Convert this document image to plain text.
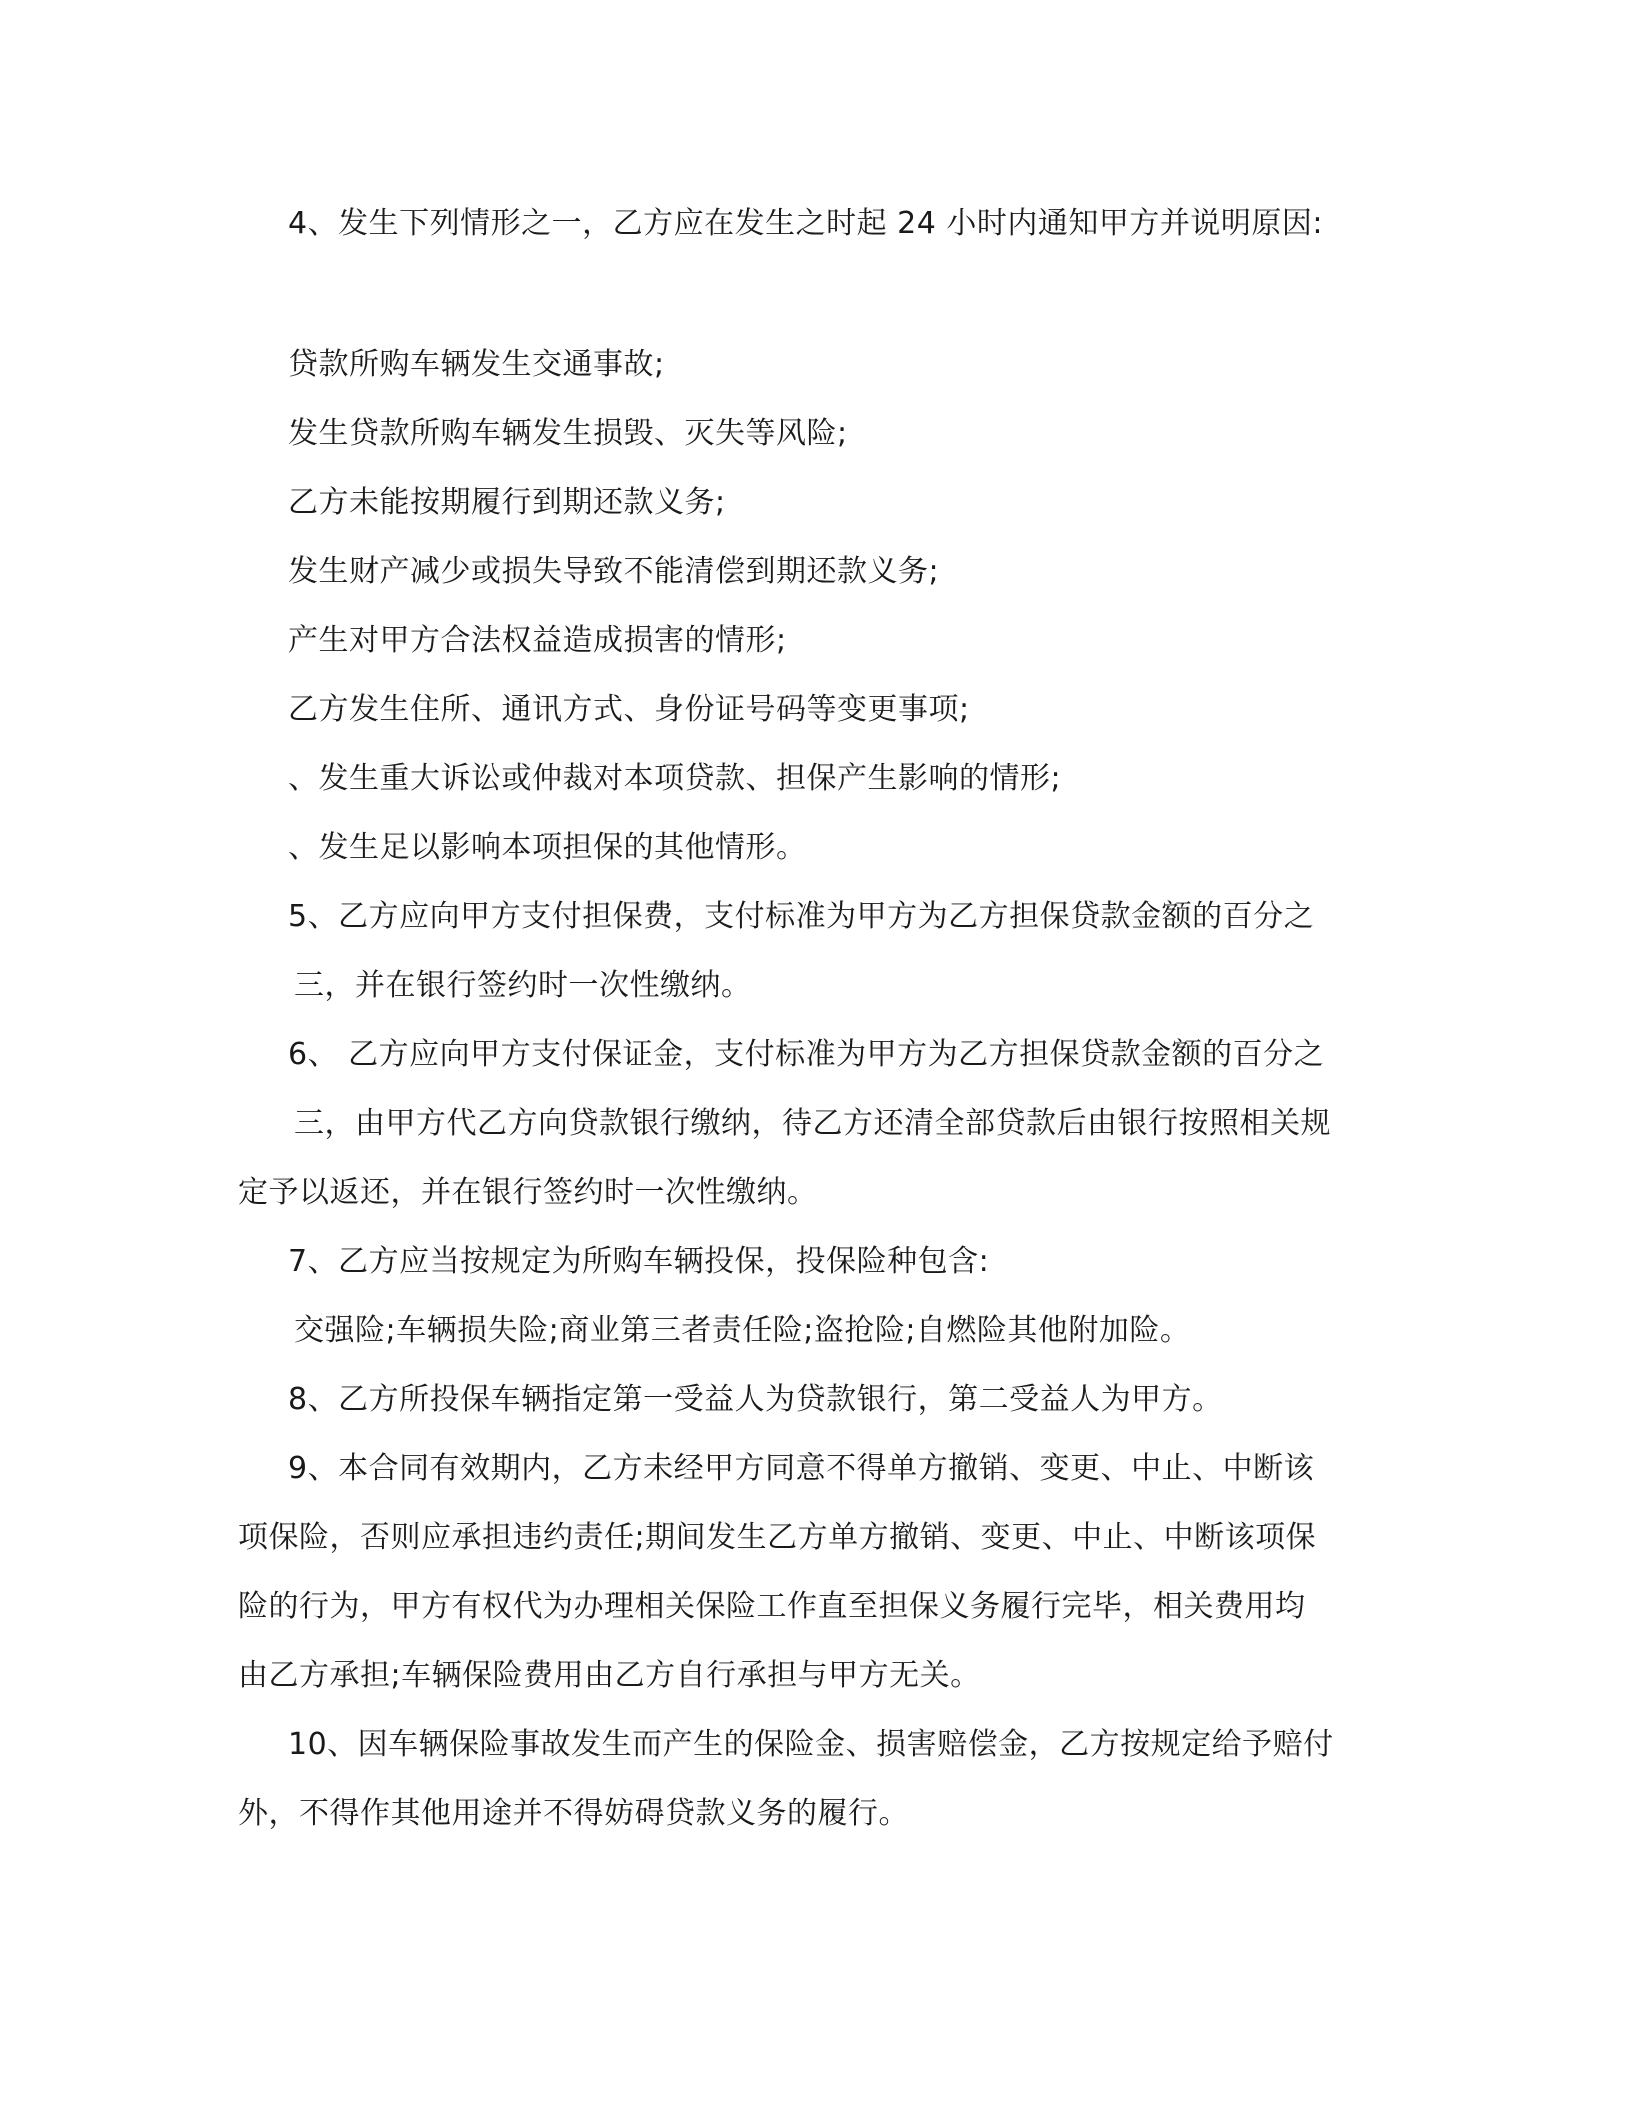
4、发生下列情形之一，乙方应在发生之时起 24 小时内通知甲方并说明原因:
贷款所购车辆发生交通事故;
发生贷款所购车辆发生损毁、灭失等风险;
乙方未能按期履行到期还款义务;
发生财产减少或损失导致不能清偿到期还款义务;
产生对甲方合法权益造成损害的情形;
乙方发生住所、通讯方式、身份证号码等变更事项;
、发生重大诉讼或仲裁对本项贷款、担保产生影响的情形;
、发生足以影响本项担保的其他情形。
5、乙方应向甲方支付担保费，支付标准为甲方为乙方担保贷款金额的百分之
三，并在银行签约时一次性缴纳。
6、 乙方应向甲方支付保证金，支付标准为甲方为乙方担保贷款金额的百分之
三，由甲方代乙方向贷款银行缴纳，待乙方还清全部贷款后由银行按照相关规
定予以返还，并在银行签约时一次性缴纳。
7、乙方应当按规定为所购车辆投保，投保险种包含:
交强险;车辆损失险;商业第三者责任险;盗抢险;自燃险其他附加险。
8、乙方所投保车辆指定第一受益人为贷款银行，第二受益人为甲方。
9、本合同有效期内，乙方未经甲方同意不得单方撤销、变更、中止、中断该
项保险，否则应承担违约责任;期间发生乙方单方撤销、变更、中止、中断该项保
险的行为，甲方有权代为办理相关保险工作直至担保义务履行完毕，相关费用均
由乙方承担;车辆保险费用由乙方自行承担与甲方无关。
10、因车辆保险事故发生而产生的保险金、损害赔偿金，乙方按规定给予赔付
外，不得作其他用途并不得妨碍贷款义务的履行。
